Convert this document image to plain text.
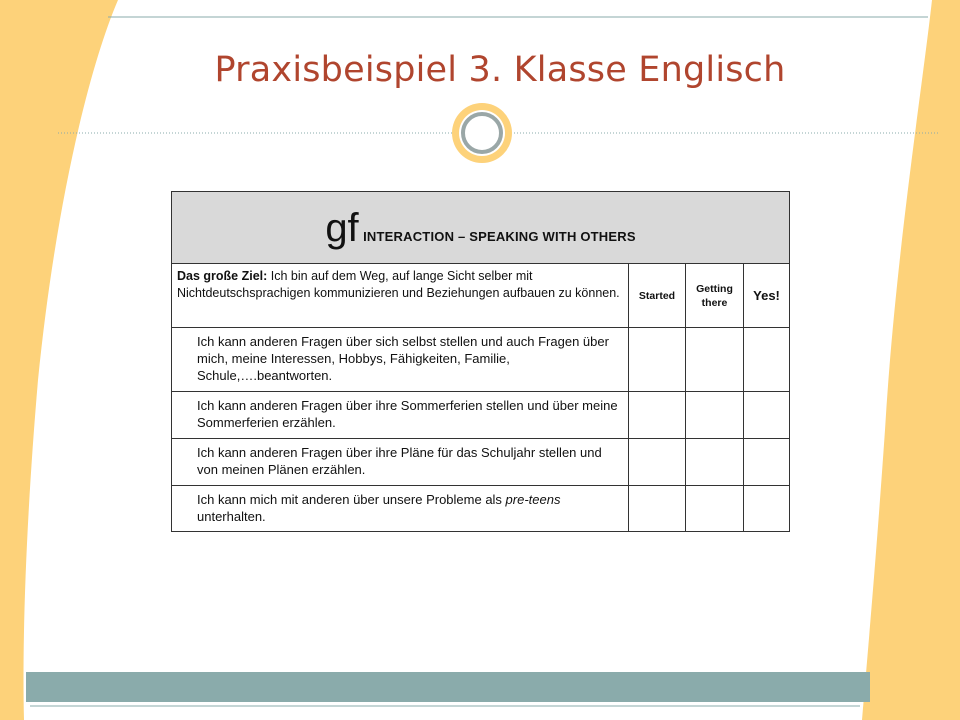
Praxisbeispiel 3. Klasse Englisch
gf INTERACTION – SPEAKING WITH OTHERS			
Das große Ziel: Ich bin auf dem Weg, auf lange Sicht selber mit Nichtdeutschsprachigen kommunizieren und Beziehungen aufbauen zu können.	Started	Getting there	Yes!
Ich kann anderen Fragen über sich selbst stellen und auch Fragen über mich, meine Interessen, Hobbys, Fähigkeiten, Familie, Schule,….beantworten.			
Ich kann anderen Fragen über ihre Sommerferien stellen und über meine Sommerferien erzählen.			
Ich kann anderen Fragen über ihre Pläne für das Schuljahr stellen und von meinen Plänen erzählen.			
Ich kann mich mit anderen über unsere Probleme als pre-teens unterhalten.			
